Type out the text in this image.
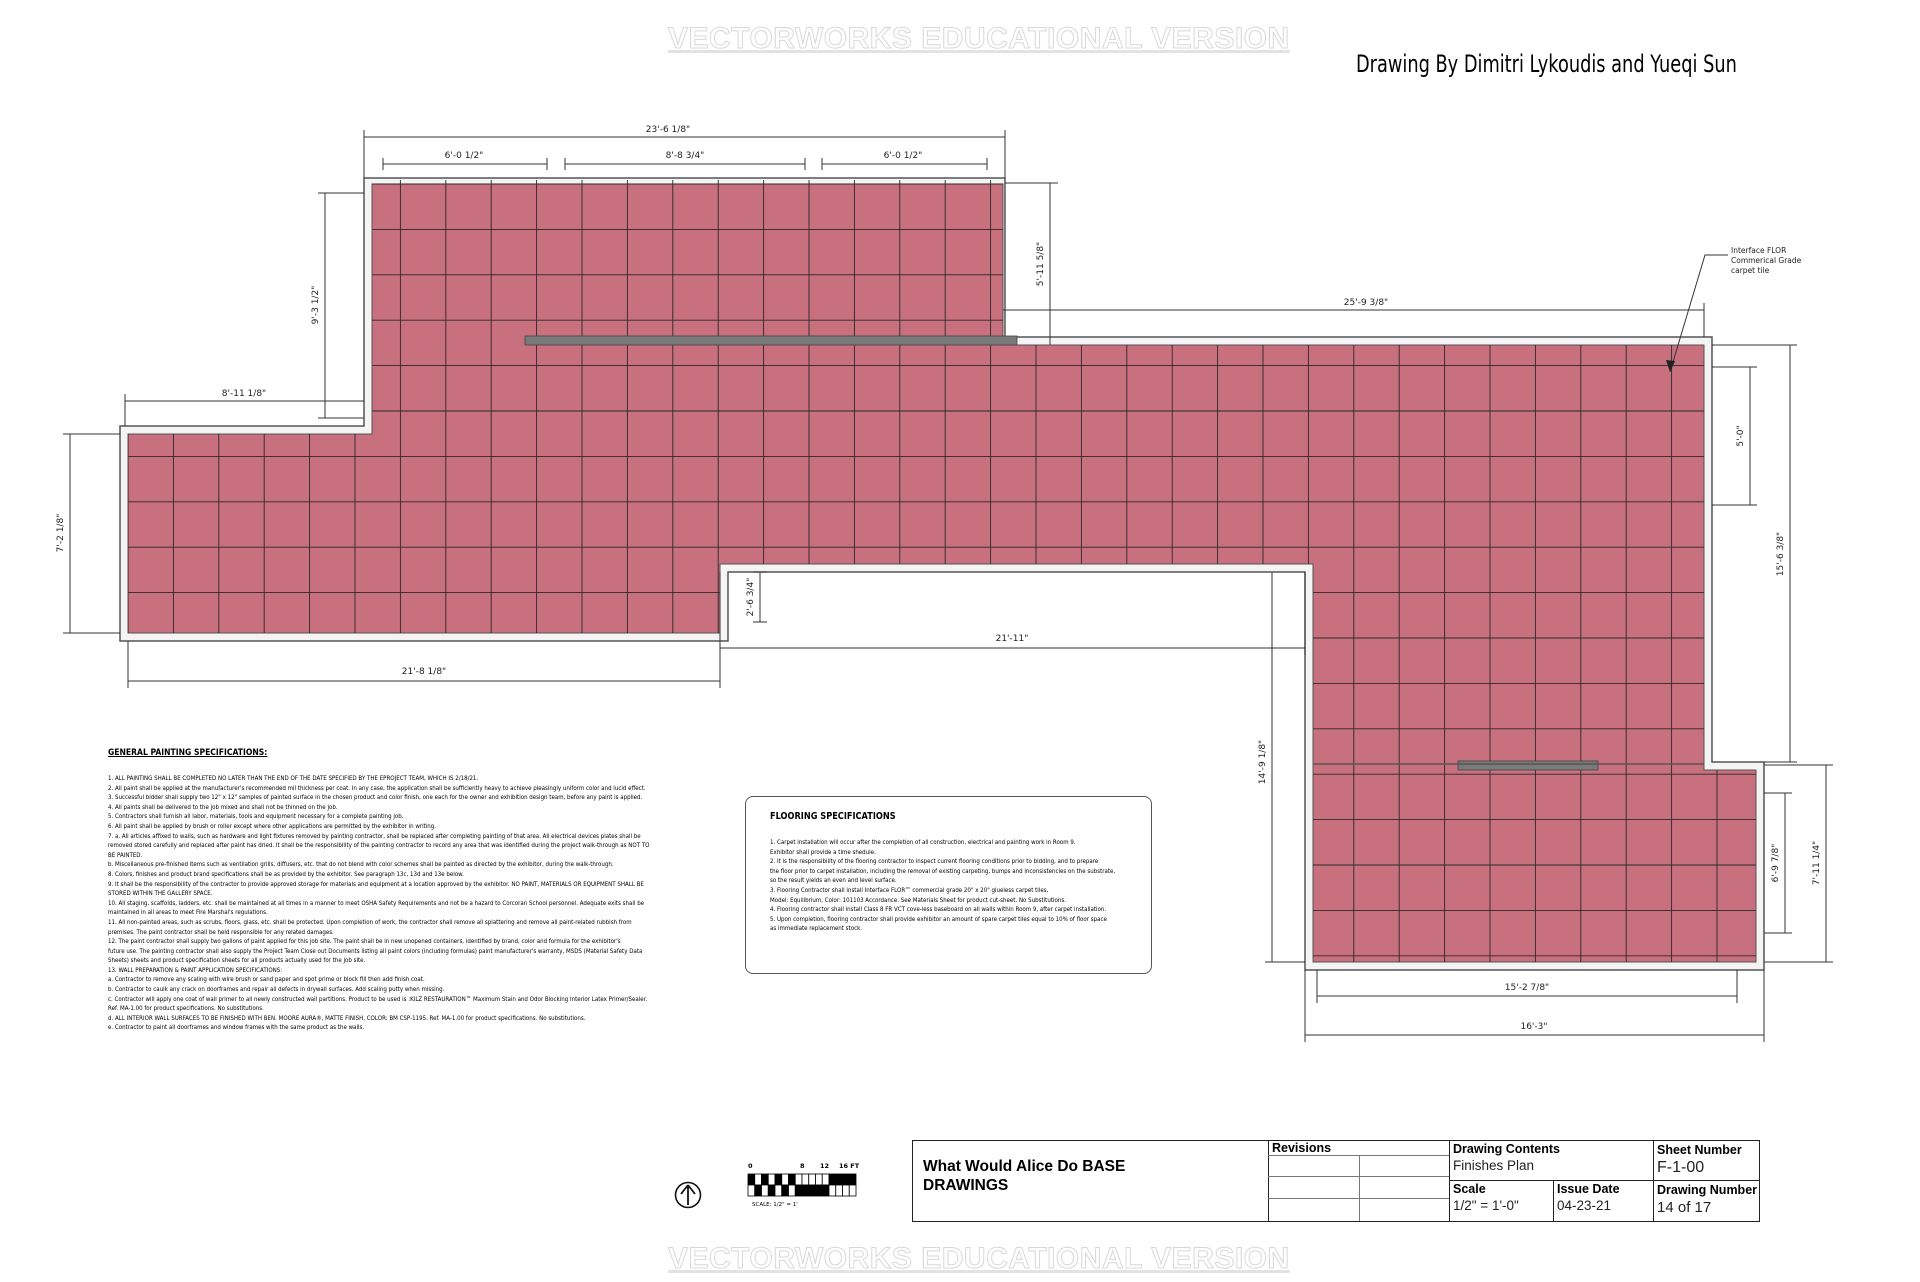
VECTORWORKS EDUCATIONAL VERSION
VECTORWORKS EDUCATIONAL VERSION
Drawing By Dimitri Lykoudis and Yueqi Sun
23'-6 1/8"
6'-0 1/2"	8'-8 3/4"	6'-0 1/2"
8'-11 1/8"
21'-8 1/8"
21'-11"
25'-9 3/8"
15'-2 7/8"
16'-3"
9'-3 1/2"
5'-11 5/8"
7'-2 1/8"
2'-6 3/4"
5'-0"
15'-6 3/8"
14'-9 1/8"
6'-9 7/8"	7'-11 1/4"
Interface FLOR
Commerical Grade
carpet tile
GENERAL PAINTING SPECIFICATIONS:

1. ALL PAINTING SHALL BE COMPLETED NO LATER THAN THE END OF THE DATE SPECIFIED BY THE EPROJECT TEAM, WHICH IS 2/18/21.

2. All paint shall be applied at the manufacturer's recommended mil thickness per coat. In any case, the application shall be sufficiently heavy to achieve pleasingly uniform color and lucid effect.

3. Successful bidder shall supply two 12" x 12" samples of painted surface in the chosen product and color finish, one each for the owner and exhibition design team, before any paint is applied.

4. All paints shall be delivered to the job mixed and shall not be thinned on the job.

5. Contractors shall furnish all labor, materials, tools and equipment necessary for a complete painting job.

6. All paint shall be applied by brush or roller except where other applications are permitted by the exhibitor in writing.

7. a. All articles affixed to walls, such as hardware and light fixtures removed by painting contractor, shall be replaced after completing painting of that area. All electrical devices plates shall be

removed stored carefully and replaced after paint has dried. It shall be the responsibility of the painting contractor to record any area that was identified during the project walk-through as NOT TO

BE PAINTED.

b. Miscellaneous pre-finished items such as ventilation grills, diffusers, etc. that do not blend with color schemes shall be painted as directed by the exhibitor, during the walk-through.

8. Colors, finishes and product brand specifications shall be as provided by the exhibitor. See paragraph 13c, 13d and 13e below.

9. It shall be the responsibility of the contractor to provide approved storage for materials and equipment at a location approved by the exhibitor. NO PAINT, MATERIALS OR EQUIPMENT SHALL BE

STORED WITHIN THE GALLERY SPACE.

10. All staging, scaffolds, ladders, etc. shall be maintained at all times in a manner to meet OSHA Safety Requirements and not be a hazard to Corcoran School personnel. Adequate exits shall be

maintained in all areas to meet Fire Marshal's regulations.

11. All non-painted areas, such as scrubs, floors, glass, etc. shall be protected. Upon completion of work, the contractor shall remove all splattering and remove all paint-related rubbish from

premises. The paint contractor shall be held responsible for any related damages.

12. The paint contractor shall supply two gallons of paint applied for this job site. The paint shall be in new unopened containers, identified by brand, color and formula for the exhibitor's

future use. The painting contractor shall also supply the Project Team Close out Documents listing all paint colors (including formulas) paint manufacturer's warranty, MSDS (Material Safety Data

Sheets) sheets and product specification sheets for all products actually used for the job site.

13. WALL PREPARATION & PAINT APPLICATION SPECIFICATIONS:

a. Contractor to remove any scaling with wire brush or sand paper and spot prime or block fill then add finish coat.

b. Contractor to caulk any crack on doorframes and repair all defects in drywall surfaces. Add scaling putty when missing.

c. Contractor will apply one coat of wall primer to all newly constructed wall partitions. Product to be used is :KILZ RESTAURATION™ Maximum Stain and Odor Blocking Interior Latex Primer/Sealer.

Ref. MA-1.00 for product specifications. No substitutions.

d. ALL INTERIOR WALL SURFACES TO BE FINISHED WITH BEN. MOORE AURA®, MATTE FINISH, COLOR: BM CSP-1195. Ref. MA-1.00 for product specifications. No substitutions.

e. Contractor to paint all doorframes and window frames with the same product as the walls.

FLOORING SPECIFICATIONS

1. Carpet installation will occur after the completion of all construction, electrical and painting work in Room 9.

Exhibitor shall provide a time shedule.

2. It is the responsibility of the flooring contractor to inspect current flooring conditions prior to bidding, and to prepare

the floor prior to carpet installation, including the removal of existing carpeting, bumps and inconsistencies on the substrate,

so the result yields an even and level surface.

3. Flooring Contractor shall install Interface FLOR™ commercial grade 20" x 20" glueless carpet tiles,

Model: Equilibrium, Color: 101103 Accordance. See Materials Sheet for product cut-sheet. No Substitutions.

4. Flooring contractor shall install Class 8 FR VCT cove-less baseboard on all walls within Room 9, after carpet installation.

5. Upon completion, flooring contractor shall provide exhibitor an amount of spare carpet tiles equal to 10% of floor space

as immediate replacement stock.

0	8 12 16 FT
SCALE: 1/2" = 1'
What Would Alice Do BASE
DRAWINGS
Revisions	Drawing Contents
Finishes Plan
Scale
1/2" = 1'-0"
Issue Date
04-23-21
Sheet Number
F-1-00
Drawing Number
14 of 17
